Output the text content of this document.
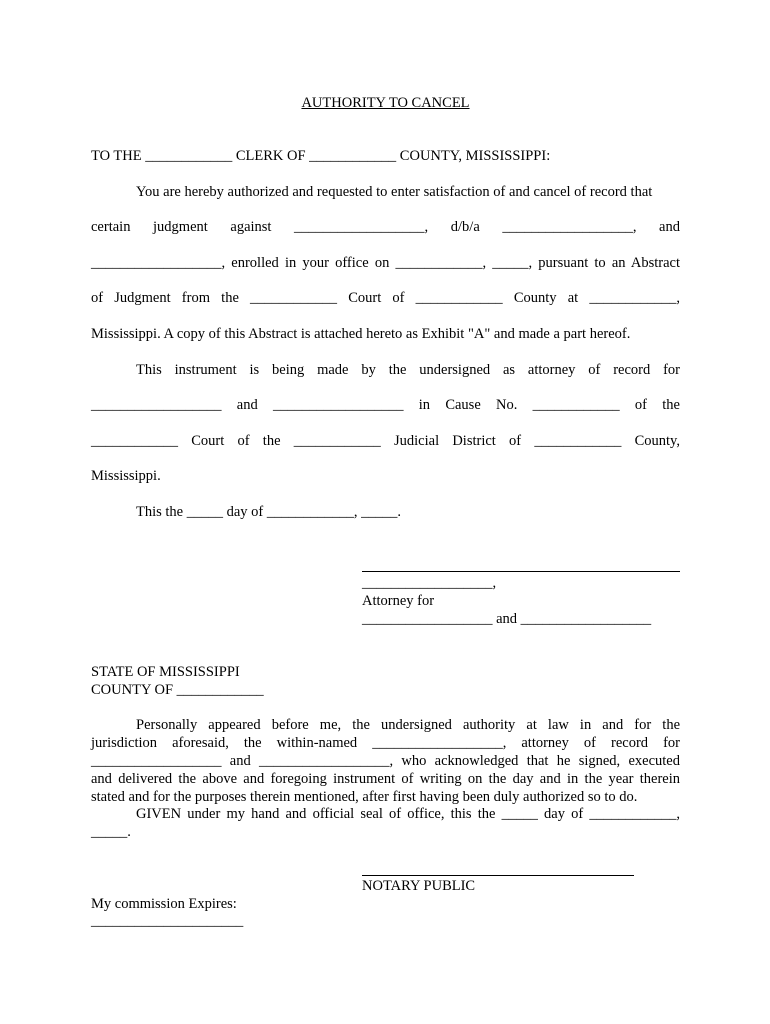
AUTHORITY TO CANCEL
TO THE ____________ CLERK OF ____________ COUNTY, MISSISSIPPI:
You are hereby authorized and requested to enter satisfaction of and cancel of record that
certain judgment against __________________, d/b/a __________________, and
__________________, enrolled in your office on ____________, _____, pursuant to an Abstract
of Judgment from the ____________ Court of ____________ County at ____________,
Mississippi. A copy of this Abstract is attached hereto as Exhibit "A" and made a part hereof.
This instrument is being made by the undersigned as attorney of record for
__________________ and __________________ in Cause No. ____________ of the
____________ Court of the ____________ Judicial District of ____________ County,
Mississippi.
This the _____ day of ____________, _____.
__________________,
Attorney for
__________________ and __________________
STATE OF MISSISSIPPI
COUNTY OF ____________
Personally appeared before me, the undersigned authority at law in and for the
jurisdiction aforesaid, the within-named __________________, attorney of record for
__________________ and __________________, who acknowledged that he signed, executed
and delivered the above and foregoing instrument of writing on the day and in the year therein
stated and for the purposes therein mentioned, after first having been duly authorized so to do.
GIVEN under my hand and official seal of office, this the _____ day of ____________,
_____.
NOTARY PUBLIC
My commission Expires:
_____________________
